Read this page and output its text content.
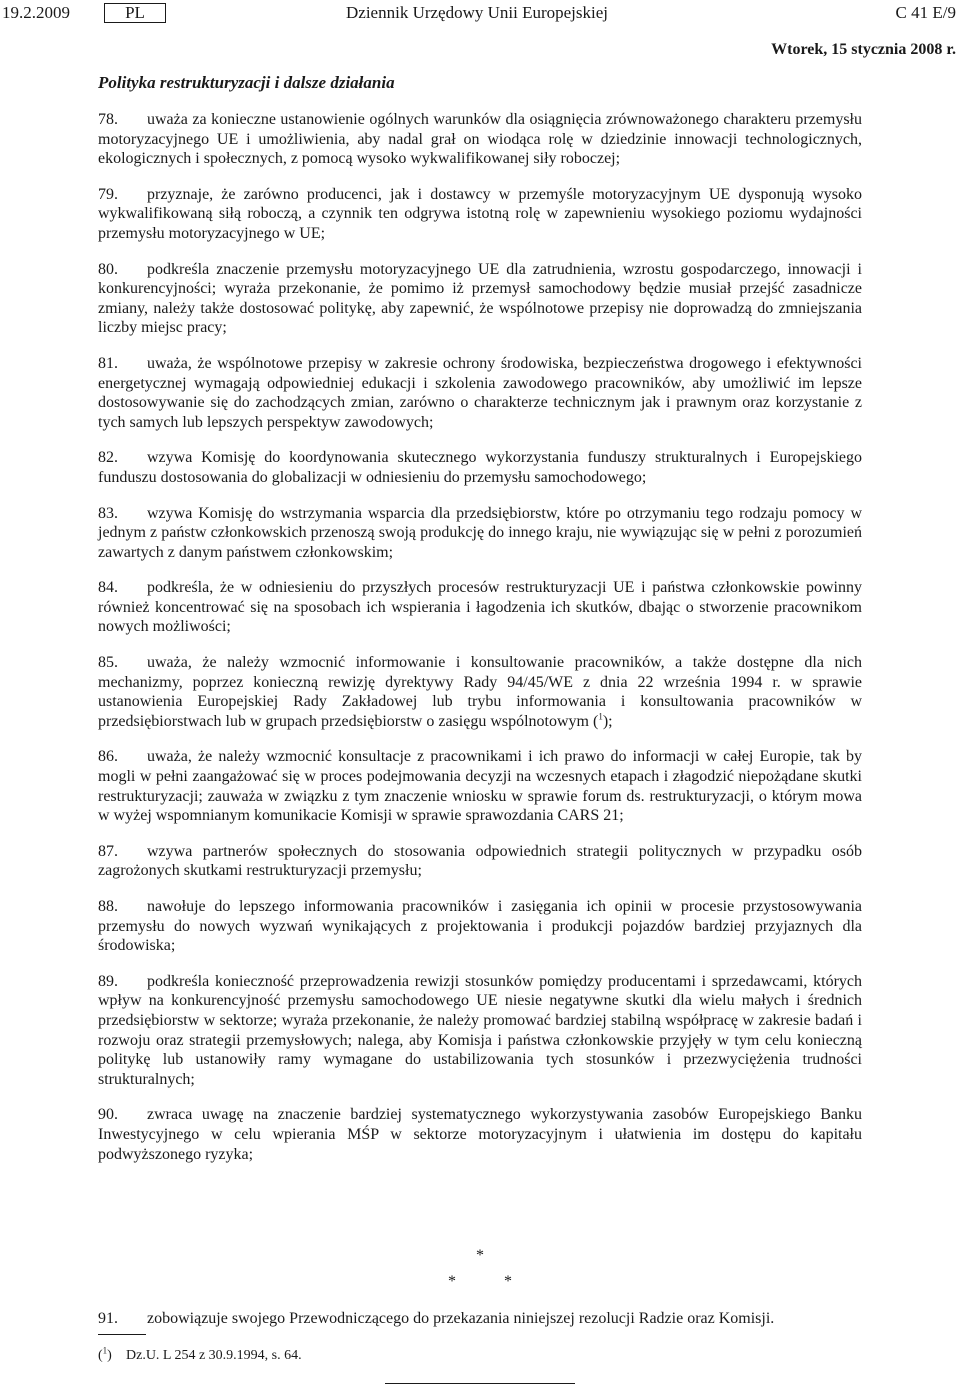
19.2.2009	PL	Dziennik Urzędowy Unii Europejskiej	C 41 E/9
Wtorek, 15 stycznia 2008 r.
Polityka restrukturyzacji i dalsze działania

78. uważa za konieczne ustanowienie ogólnych warunków dla osiągnięcia zrównoważonego charakteru przemysłu motoryzacyjnego UE i umożliwienia, aby nadal grał on wiodąca rolę w dziedzinie innowacji technologicznych, ekologicznych i społecznych, z pomocą wysoko wykwalifikowanej siły roboczej;

79. przyznaje, że zarówno producenci, jak i dostawcy w przemyśle motoryzacyjnym UE dysponują wysoko wykwalifikowaną siłą roboczą, a czynnik ten odgrywa istotną rolę w zapewnieniu wysokiego poziomu wydajności przemysłu motoryzacyjnego w UE;

80. podkreśla znaczenie przemysłu motoryzacyjnego UE dla zatrudnienia, wzrostu gospodarczego, innowacji i konkurencyjności; wyraża przekonanie, że pomimo iż przemysł samochodowy będzie musiał przejść zasadnicze zmiany, należy także dostosować politykę, aby zapewnić, że wspólnotowe przepisy nie doprowadzą do zmniejszania liczby miejsc pracy;

81. uważa, że wspólnotowe przepisy w zakresie ochrony środowiska, bezpieczeństwa drogowego i efektywności energetycznej wymagają odpowiedniej edukacji i szkolenia zawodowego pracowników, aby umożliwić im lepsze dostosowywanie się do zachodzących zmian, zarówno o charakterze technicznym jak i prawnym oraz korzystanie z tych samych lub lepszych perspektyw zawodowych;

82. wzywa Komisję do koordynowania skutecznego wykorzystania funduszy strukturalnych i Europejskiego funduszu dostosowania do globalizacji w odniesieniu do przemysłu samochodowego;

83. wzywa Komisję do wstrzymania wsparcia dla przedsiębiorstw, które po otrzymaniu tego rodzaju pomocy w jednym z państw członkowskich przenoszą swoją produkcję do innego kraju, nie wywiązując się w pełni z porozumień zawartych z danym państwem członkowskim;

84. podkreśla, że w odniesieniu do przyszłych procesów restrukturyzacji UE i państwa członkowskie powinny również koncentrować się na sposobach ich wspierania i łagodzenia ich skutków, dbając o stworzenie pracownikom nowych możliwości;

85. uważa, że należy wzmocnić informowanie i konsultowanie pracowników, a także dostępne dla nich mechanizmy, poprzez konieczną rewizję dyrektywy Rady 94/45/WE z dnia 22 września 1994 r. w sprawie ustanowienia Europejskiej Rady Zakładowej lub trybu informowania i konsultowania pracowników w przedsiębiorstwach lub w grupach przedsiębiorstw o zasięgu wspólnotowym ($^1$);

86. uważa, że należy wzmocnić konsultacje z pracownikami i ich prawo do informacji w całej Europie, tak by mogli w pełni zaangażować się w proces podejmowania decyzji na wczesnych etapach i złagodzić niepożądane skutki restrukturyzacji; zauważa w związku z tym znaczenie wniosku w sprawie forum ds. restrukturyzacji, o którym mowa w wyżej wspomnianym komunikacie Komisji w sprawie sprawozdania CARS 21;

87. wzywa partnerów społecznych do stosowania odpowiednich strategii politycznych w przypadku osób zagrożonych skutkami restrukturyzacji przemysłu;

88. nawołuje do lepszego informowania pracowników i zasięgania ich opinii w procesie przystosowywania przemysłu do nowych wyzwań wynikających z projektowania i produkcji pojazdów bardziej przyjaznych dla środowiska;

89. podkreśla konieczność przeprowadzenia rewizji stosunków pomiędzy producentami i sprzedawcami, których wpływ na konkurencyjność przemysłu samochodowego UE niesie negatywne skutki dla wielu małych i średnich przedsiębiorstw w sektorze; wyraża przekonanie, że należy promować bardziej stabilną współpracę w zakresie badań i rozwoju oraz strategii przemysłowych; nalega, aby Komisja i państwa członkowskie przyjęły w tym celu konieczną politykę lub ustanowiły ramy wymagane do ustabilizowania tych stosunków i przezwyciężenia trudności strukturalnych;

90. zwraca uwagę na znaczenie bardziej systematycznego wykorzystywania zasobów Europejskiego Banku Inwestycyjnego w celu wpierania MŚP w sektorze motoryzacyjnym i ułatwienia im dostępu do kapitału podwyższonego ryzyka;

*
* *
91. zobowiązuje swojego Przewodniczącego do przekazania niniejszej rezolucji Radzie oraz Komisji.
($^1$) Dz.U. L 254 z 30.9.1994, s. 64.
